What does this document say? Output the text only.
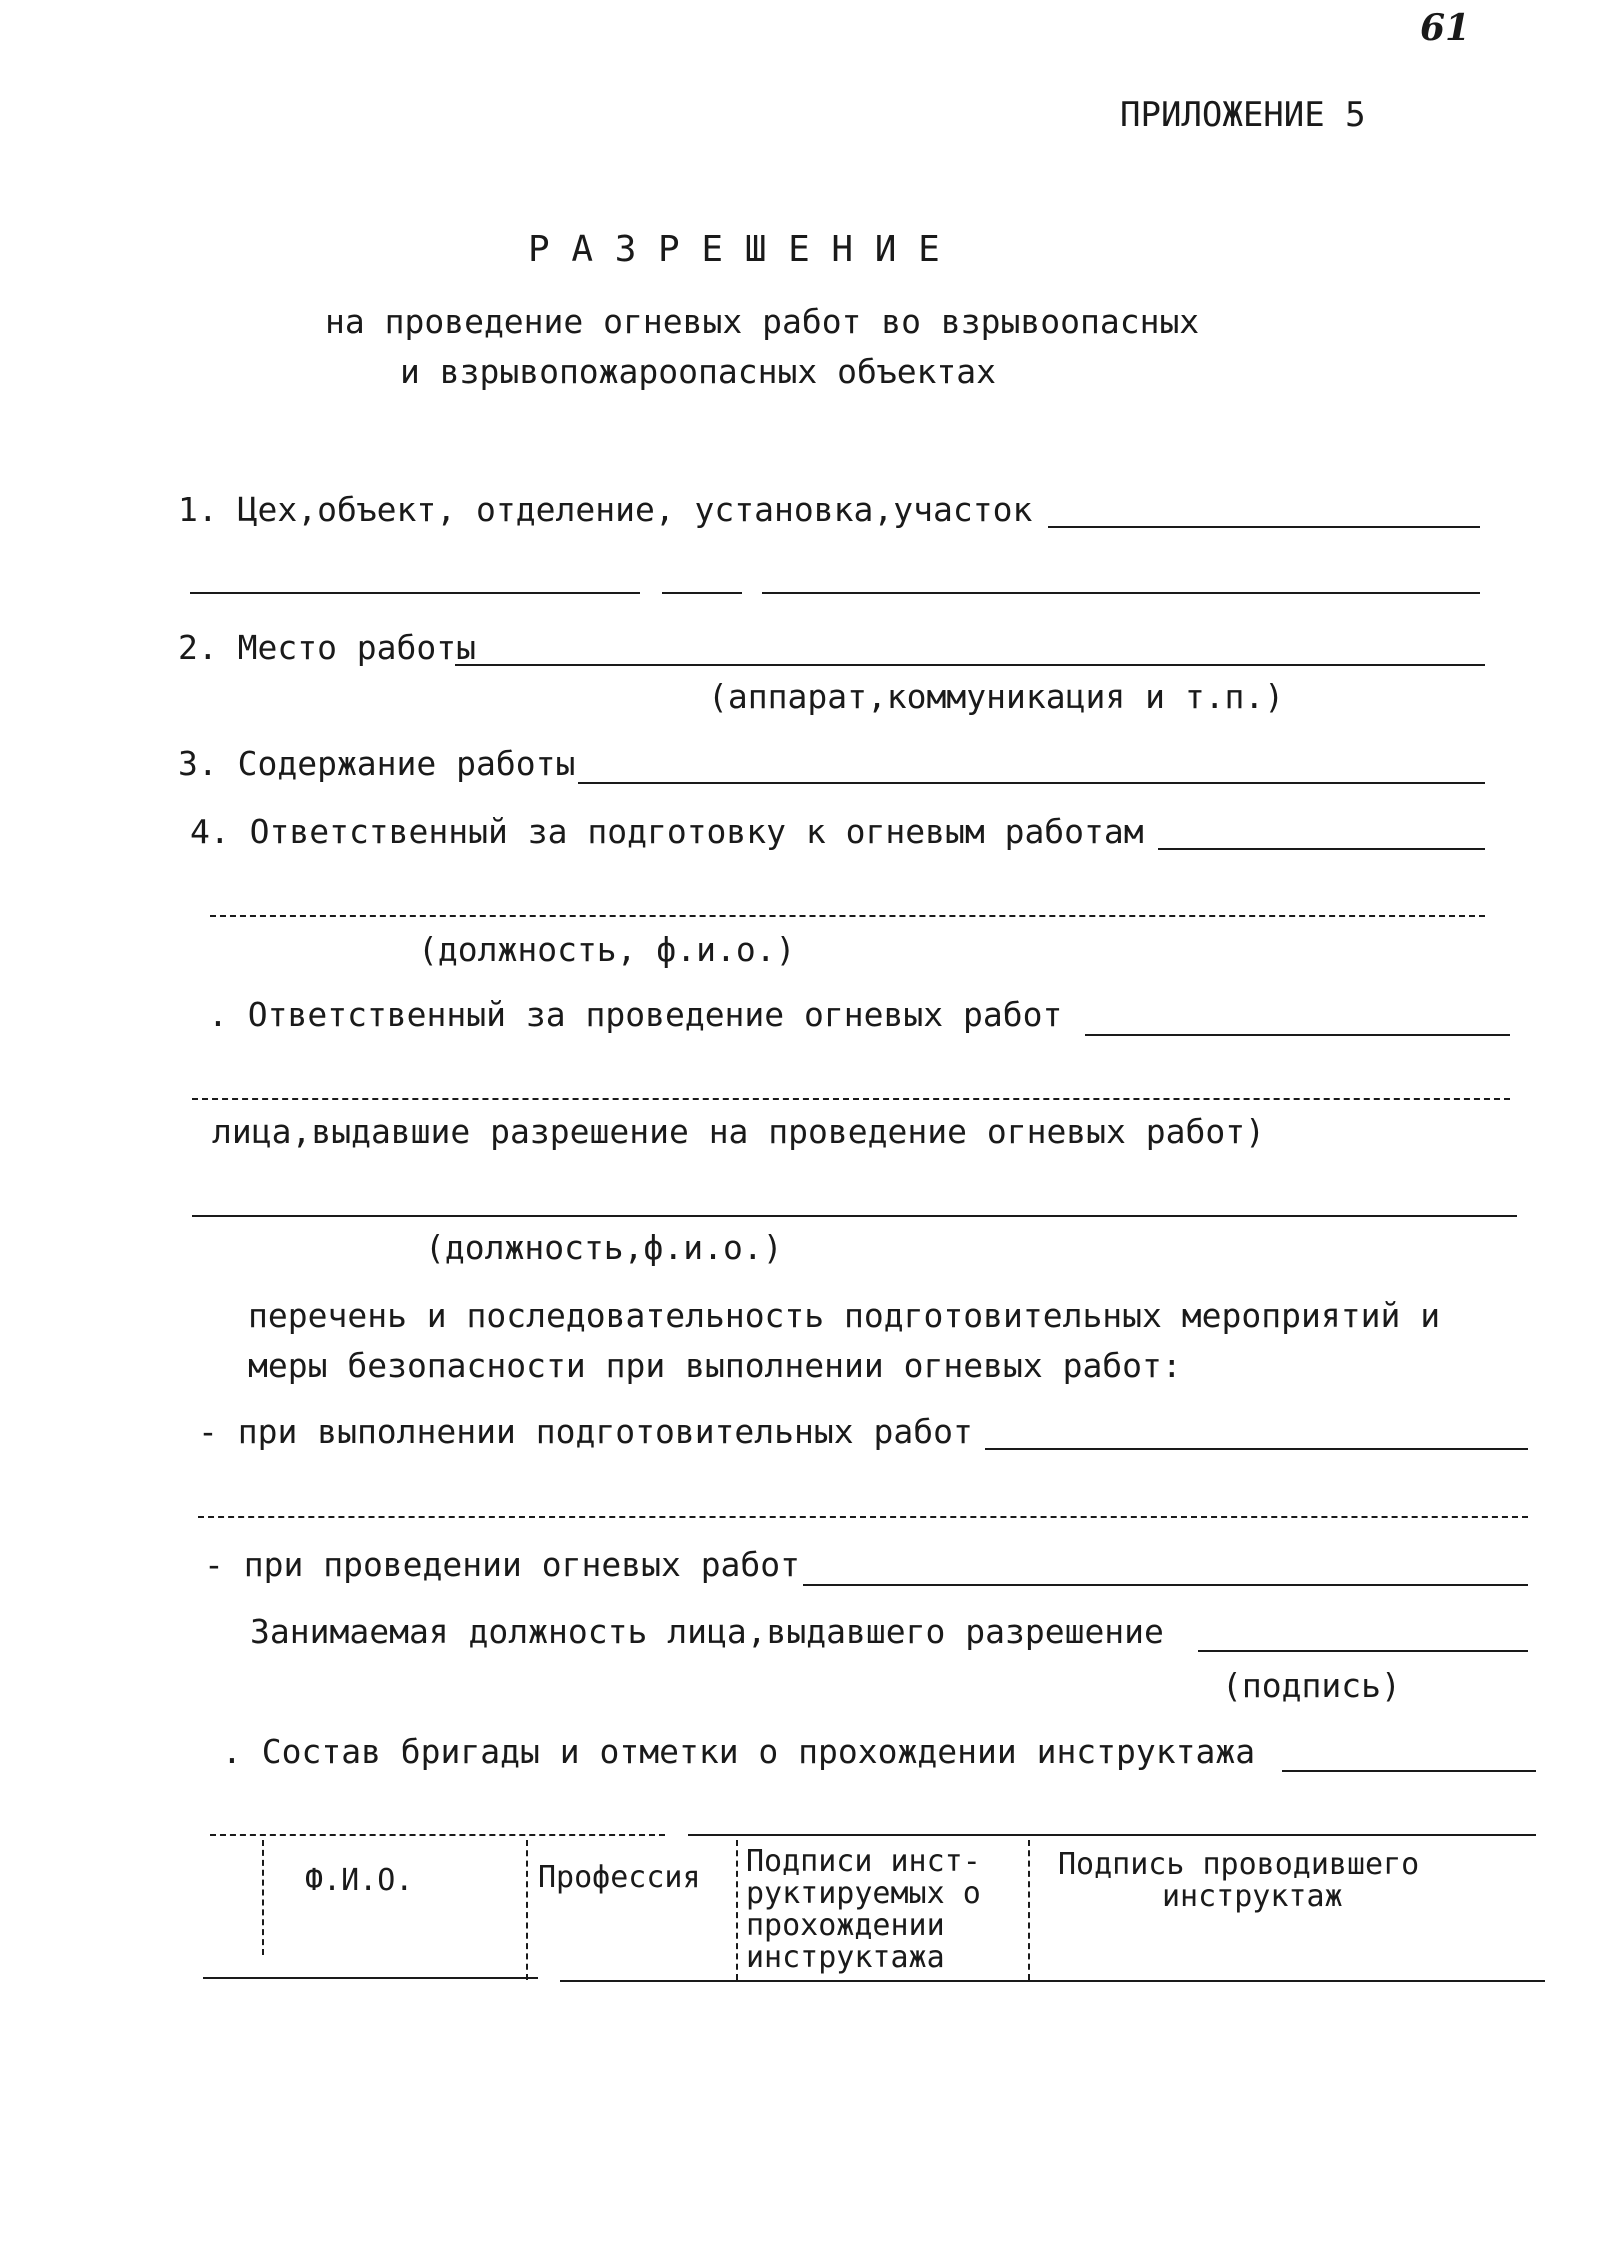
61
ПРИЛОЖЕНИЕ 5
Р А З Р Е Ш Е Н И Е
на проведение огневых работ во взрывоопасных
и взрывопожароопасных объектах
1. Цех,объект, отделение, установка,участок
2. Место работы
(аппарат,коммуникация и т.п.)
3. Содержание работы
4. Ответственный за подготовку к огневым работам
(должность, ф.и.о.)
. Ответственный за проведение огневых работ
лица,выдавшие разрешение на проведение огневых работ)
(должность,ф.и.о.)
перечень и последовательность подготовительных мероприятий и
меры безопасности при выполнении огневых работ:
- при выполнении подготовительных работ
- при проведении огневых работ
Занимаемая должность лица,выдавшего разрешение
(подпись)
. Состав бригады и отметки о прохождении инструктажа
Ф.И.О.	Профессия Подписи инст-
руктируемых о
прохождении
инструктажа
Подпись проводившего
инструктаж
